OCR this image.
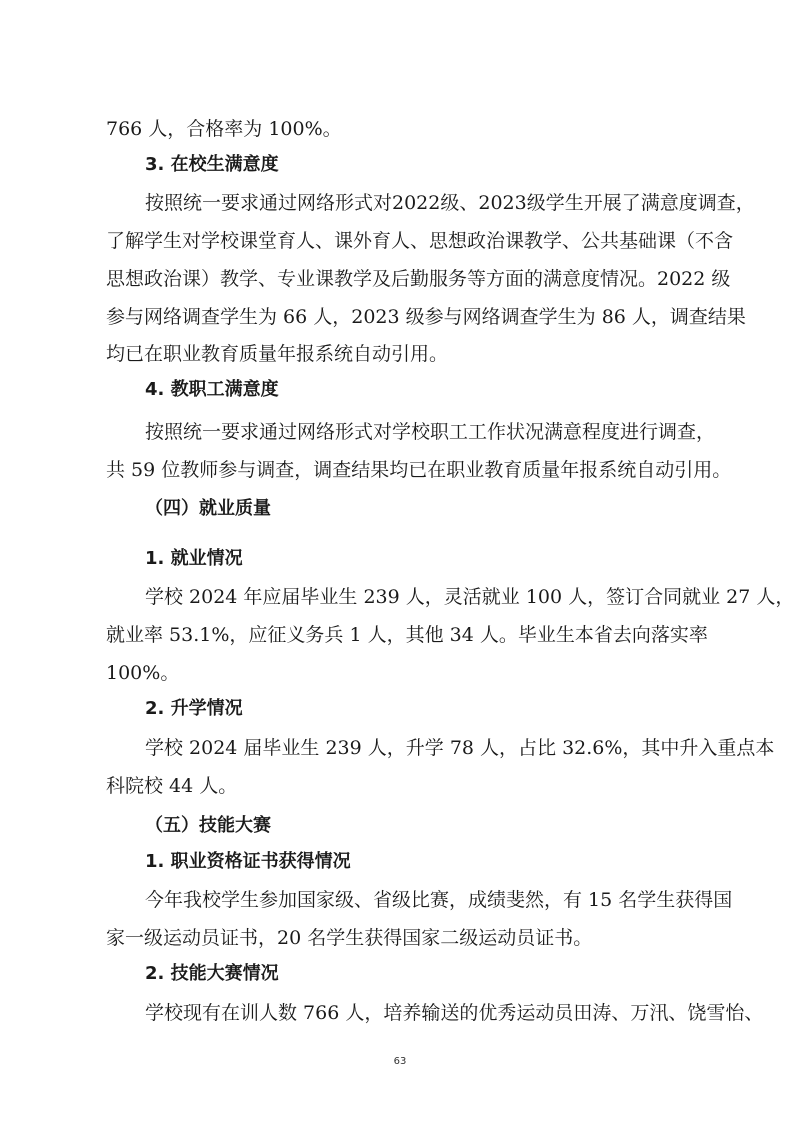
766 人，合格率为 100%。
3. 在校生满意度
按照统一要求通过网络形式对2022级、2023级学生开展了满意度调查，
了解学生对学校课堂育人、课外育人、思想政治课教学、公共基础课（不含
思想政治课）教学、专业课教学及后勤服务等方面的满意度情况。2022 级
参与网络调查学生为 66 人，2023 级参与网络调查学生为 86 人，调查结果
均已在职业教育质量年报系统自动引用。
4. 教职工满意度
按照统一要求通过网络形式对学校职工工作状况满意程度进行调查，
共 59 位教师参与调查，调查结果均已在职业教育质量年报系统自动引用。
（四）就业质量
1. 就业情况
学校 2024 年应届毕业生 239 人，灵活就业 100 人，签订合同就业 27 人，
就业率 53.1%，应征义务兵 1 人，其他 34 人。毕业生本省去向落实率
100%。
2. 升学情况
学校 2024 届毕业生 239 人，升学 78 人，占比 32.6%，其中升入重点本
科院校 44 人。
（五）技能大赛
1. 职业资格证书获得情况
今年我校学生参加国家级、省级比赛，成绩斐然，有 15 名学生获得国
家一级运动员证书，20 名学生获得国家二级运动员证书。
2. 技能大赛情况
学校现有在训人数 766 人，培养输送的优秀运动员田涛、万汛、饶雪怡、
63
